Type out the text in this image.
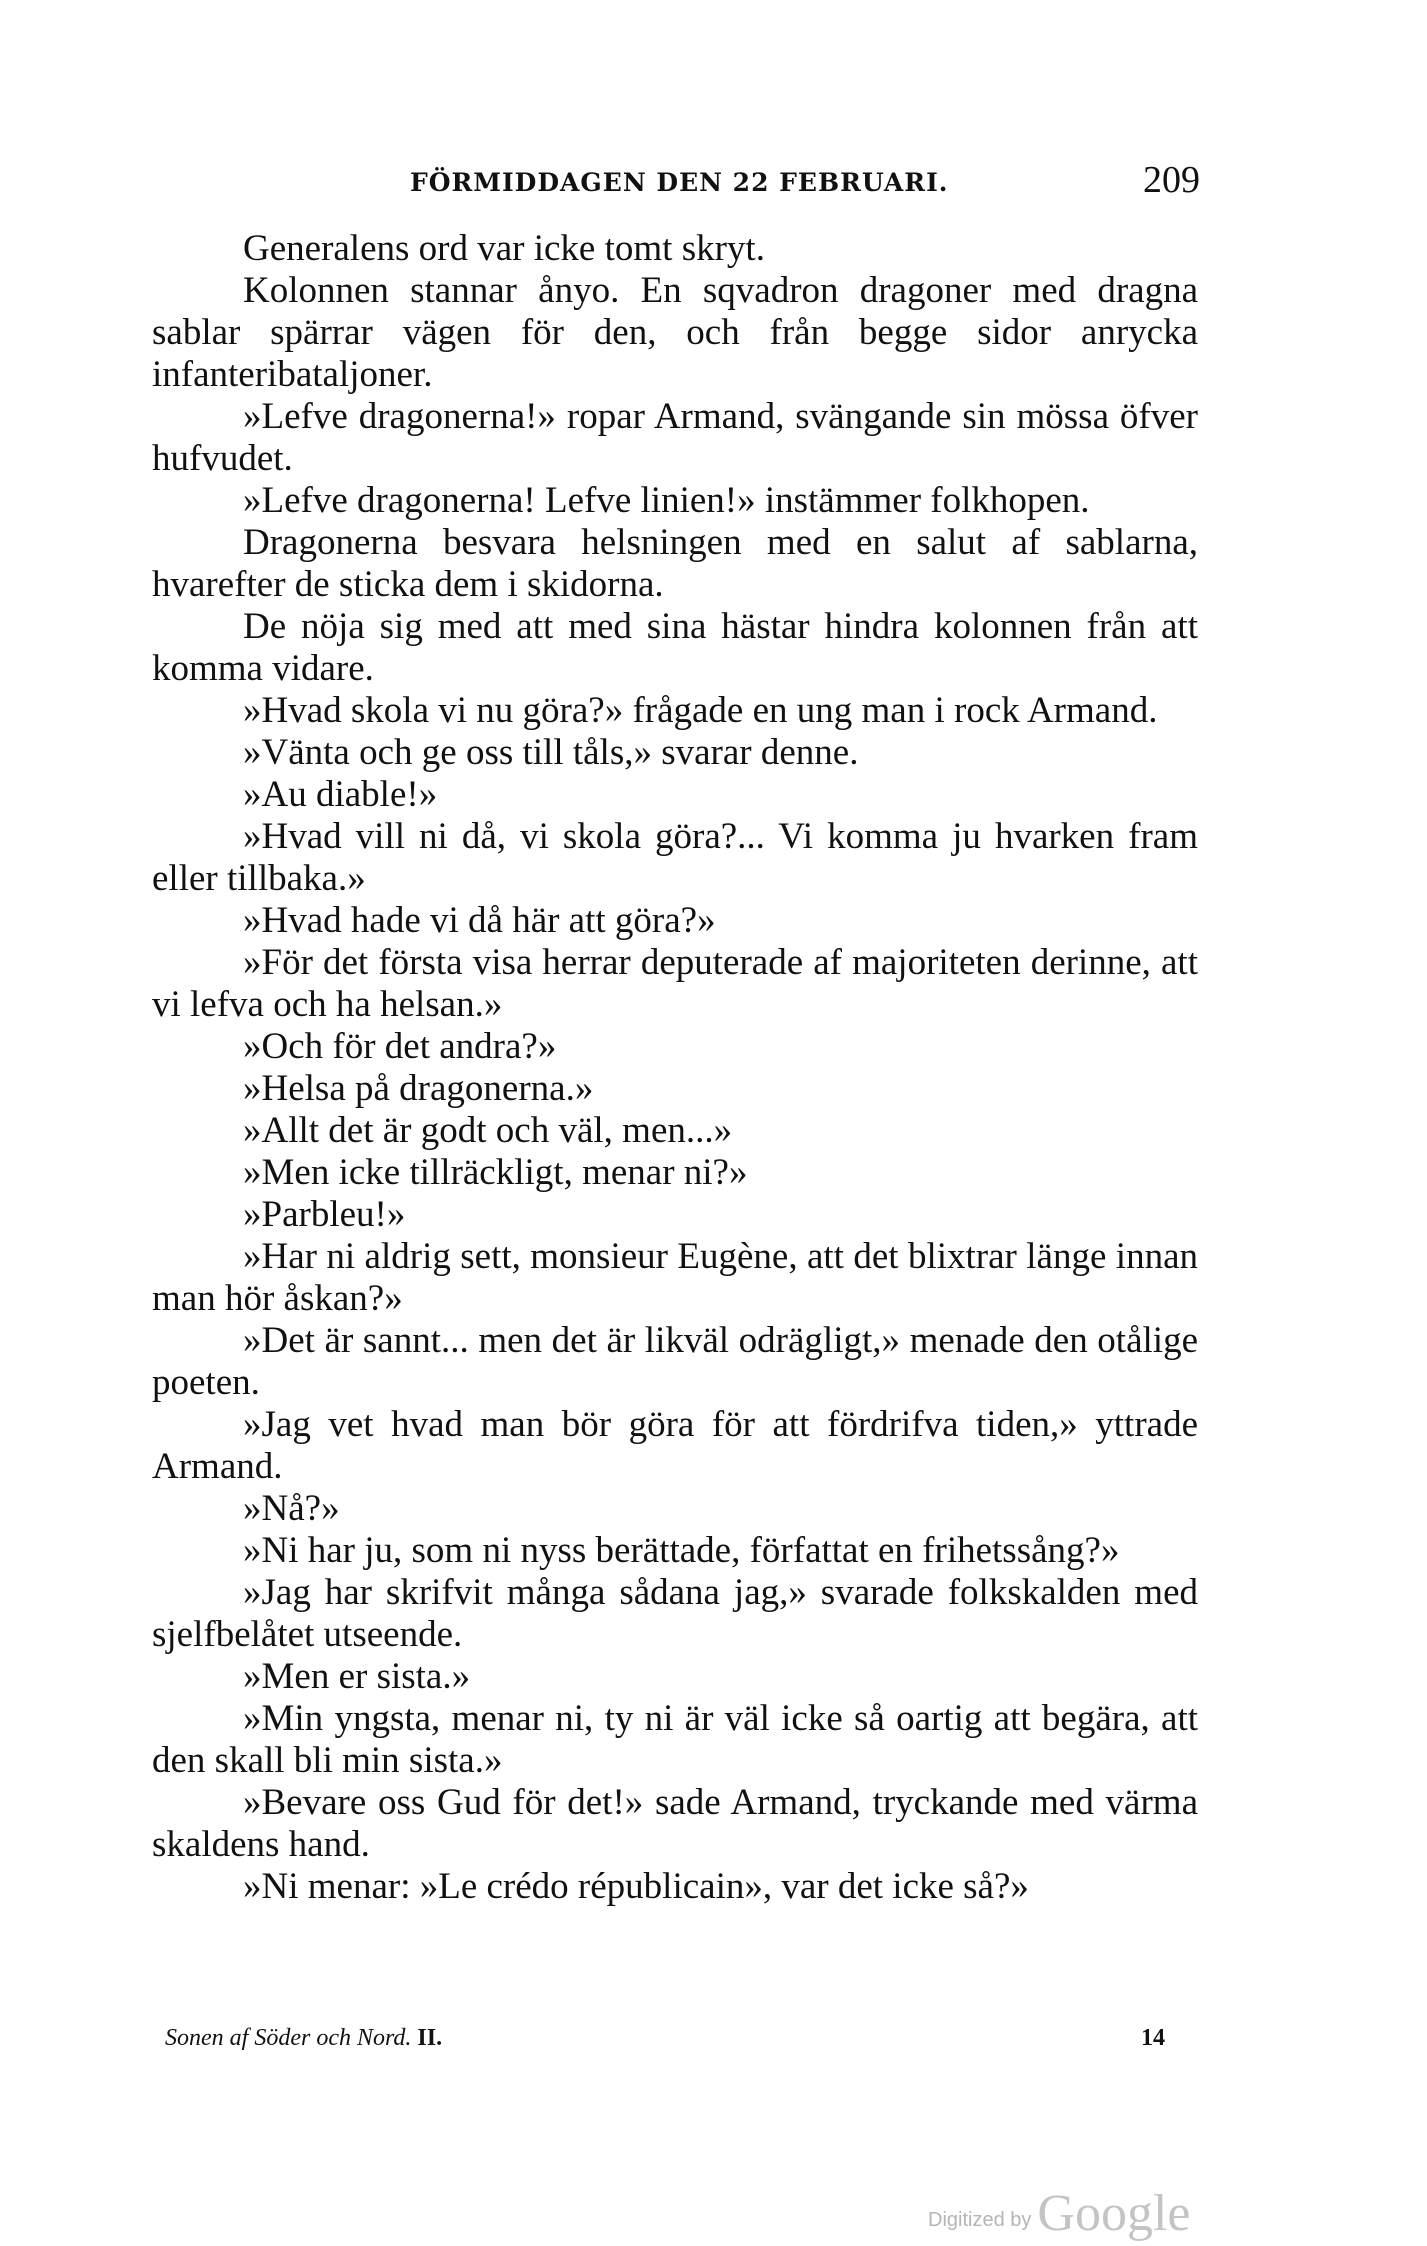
FÖRMIDDAGEN DEN 22 FEBRUARI.	209

Generalens ord var icke tomt skryt.

Kolonnen stannar ånyo. En sqvadron dragoner med dragna sablar spärrar vägen för den, och från begge sidor anrycka infanteribataljoner.

»Lefve dragonerna!» ropar Armand, svängande sin mössa öfver hufvudet.

»Lefve dragonerna! Lefve linien!» instämmer folkhopen.

Dragonerna besvara helsningen med en salut af sablarna, hvarefter de sticka dem i skidorna.

De nöja sig med att med sina hästar hindra kolonnen från att komma vidare.

»Hvad skola vi nu göra?» frågade en ung man i rock Armand.

»Vänta och ge oss till tåls,» svarar denne.

»Au diable!»

»Hvad vill ni då, vi skola göra?... Vi komma ju hvarken fram eller tillbaka.»

»Hvad hade vi då här att göra?»

»För det första visa herrar deputerade af majoriteten derinne, att vi lefva och ha helsan.»

»Och för det andra?»

»Helsa på dragonerna.»

»Allt det är godt och väl, men...»

»Men icke tillräckligt, menar ni?»

»Parbleu!»

»Har ni aldrig sett, monsieur Eugène, att det blixtrar länge innan man hör åskan?»

»Det är sannt... men det är likväl odrägligt,» menade den otålige poeten.

»Jag vet hvad man bör göra för att fördrifva tiden,» yttrade Armand.

»Nå?»

»Ni har ju, som ni nyss berättade, författat en frihetssång?»

»Jag har skrifvit många sådana jag,» svarade folkskalden med sjelfbelåtet utseende.

»Men er sista.»

»Min yngsta, menar ni, ty ni är väl icke så oartig att begära, att den skall bli min sista.»

»Bevare oss Gud för det!» sade Armand, tryckande med värma skaldens hand.

»Ni menar: »Le crédo républicain», var det icke så?»

Sonen af Söder och Nord. II.	14
Digitized by Google
